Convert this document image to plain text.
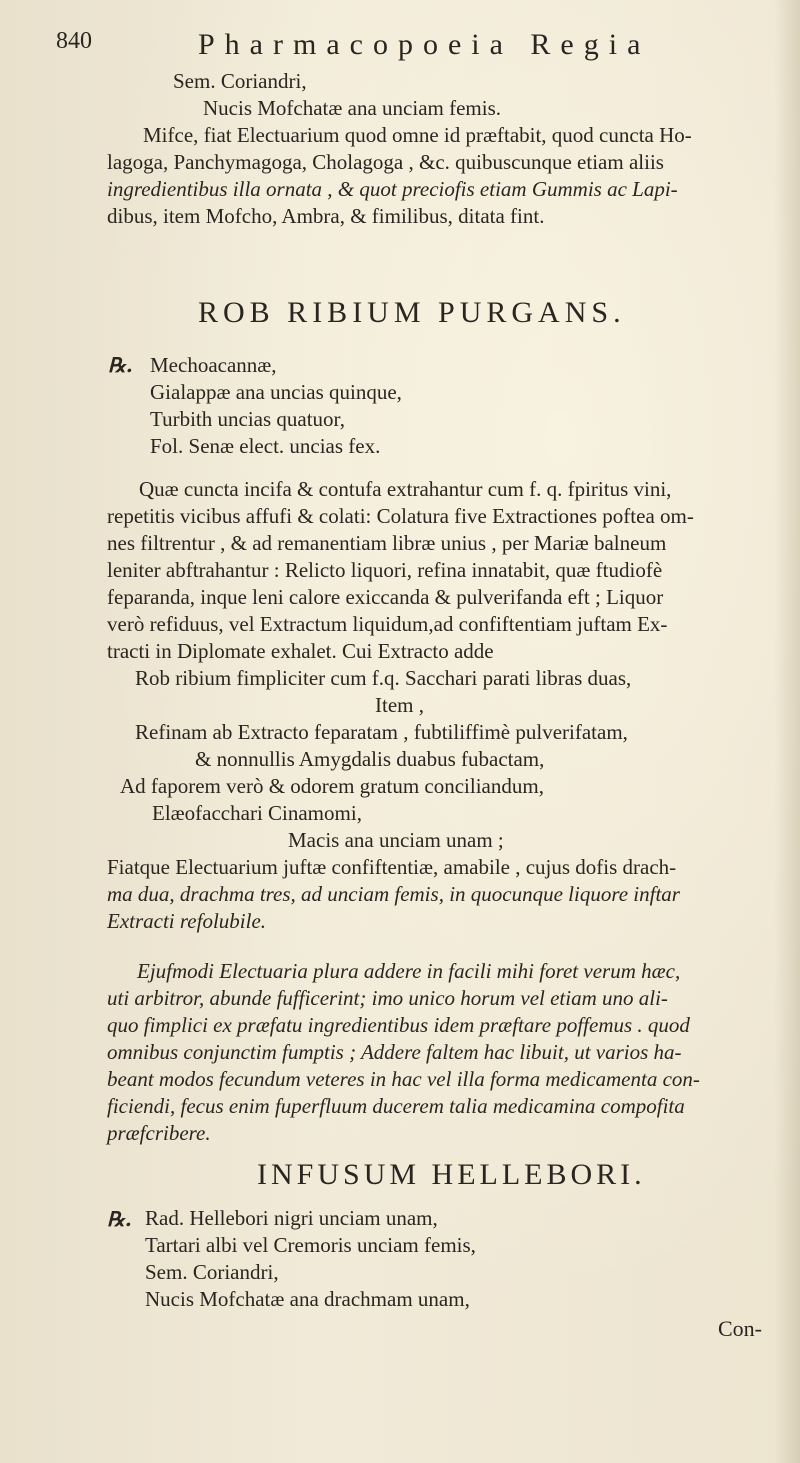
840	Pharmacopoeia Regia
Sem. Coriandri,
Nucis Mofchatæ ana unciam femis.
Mifce, fiat Electuarium quod omne id præftabit, quod cuncta Ho-
lagoga, Panchymagoga, Cholagoga , &c. quibuscunque etiam aliis
ingredientibus illa ornata , & quot preciofis etiam Gummis ac Lapi-
dibus, item Mofcho, Ambra, & fimilibus, ditata fint.
ROB RIBIUM PURGANS.
℞. Mechoacannæ,
Gialappæ ana uncias quinque,
Turbith uncias quatuor,
Fol. Senæ elect. uncias fex.
Quæ cuncta incifa & contufa extrahantur cum f. q. fpiritus vini,
repetitis vicibus affufi & colati: Colatura five Extractiones poftea om-
nes filtrentur , & ad remanentiam libræ unius , per Mariæ balneum
leniter abftrahantur : Relicto liquori, refina innatabit, quæ ftudiofè
feparanda, inque leni calore exiccanda & pulverifanda eft ; Liquor
verò refiduus, vel Extractum liquidum,ad confiftentiam juftam Ex-
tracti in Diplomate exhalet. Cui Extracto adde
Rob ribium fimpliciter cum f.q. Sacchari parati libras duas,
Item ,
Refinam ab Extracto feparatam , fubtiliffimè pulverifatam,
& nonnullis Amygdalis duabus fubactam,
Ad faporem verò & odorem gratum conciliandum,
Elæofacchari Cinamomi,
Macis ana unciam unam ;
Fiatque Electuarium juftæ confiftentiæ, amabile , cujus dofis drach-
ma dua, drachma tres, ad unciam femis, in quocunque liquore inftar
Extracti refolubile.
Ejufmodi Electuaria plura addere in facili mihi foret verum hæc,
uti arbitror, abunde fufficerint; imo unico horum vel etiam uno ali-
quo fimplici ex præfatu ingredientibus idem præftare poffemus . quod
omnibus conjunctim fumptis ; Addere faltem hac libuit, ut varios ha-
beant modos fecundum veteres in hac vel illa forma medicamenta con-
ficiendi, fecus enim fuperfluum ducerem talia medicamina compofita
INFUSUM HELLEBORI.
℞. Rad. Hellebori nigri unciam unam,
Tartari albi vel Cremoris unciam femis,
Sem. Coriandri,
Nucis Mofchatæ ana drachmam unam,
Con-
præfcribere.
